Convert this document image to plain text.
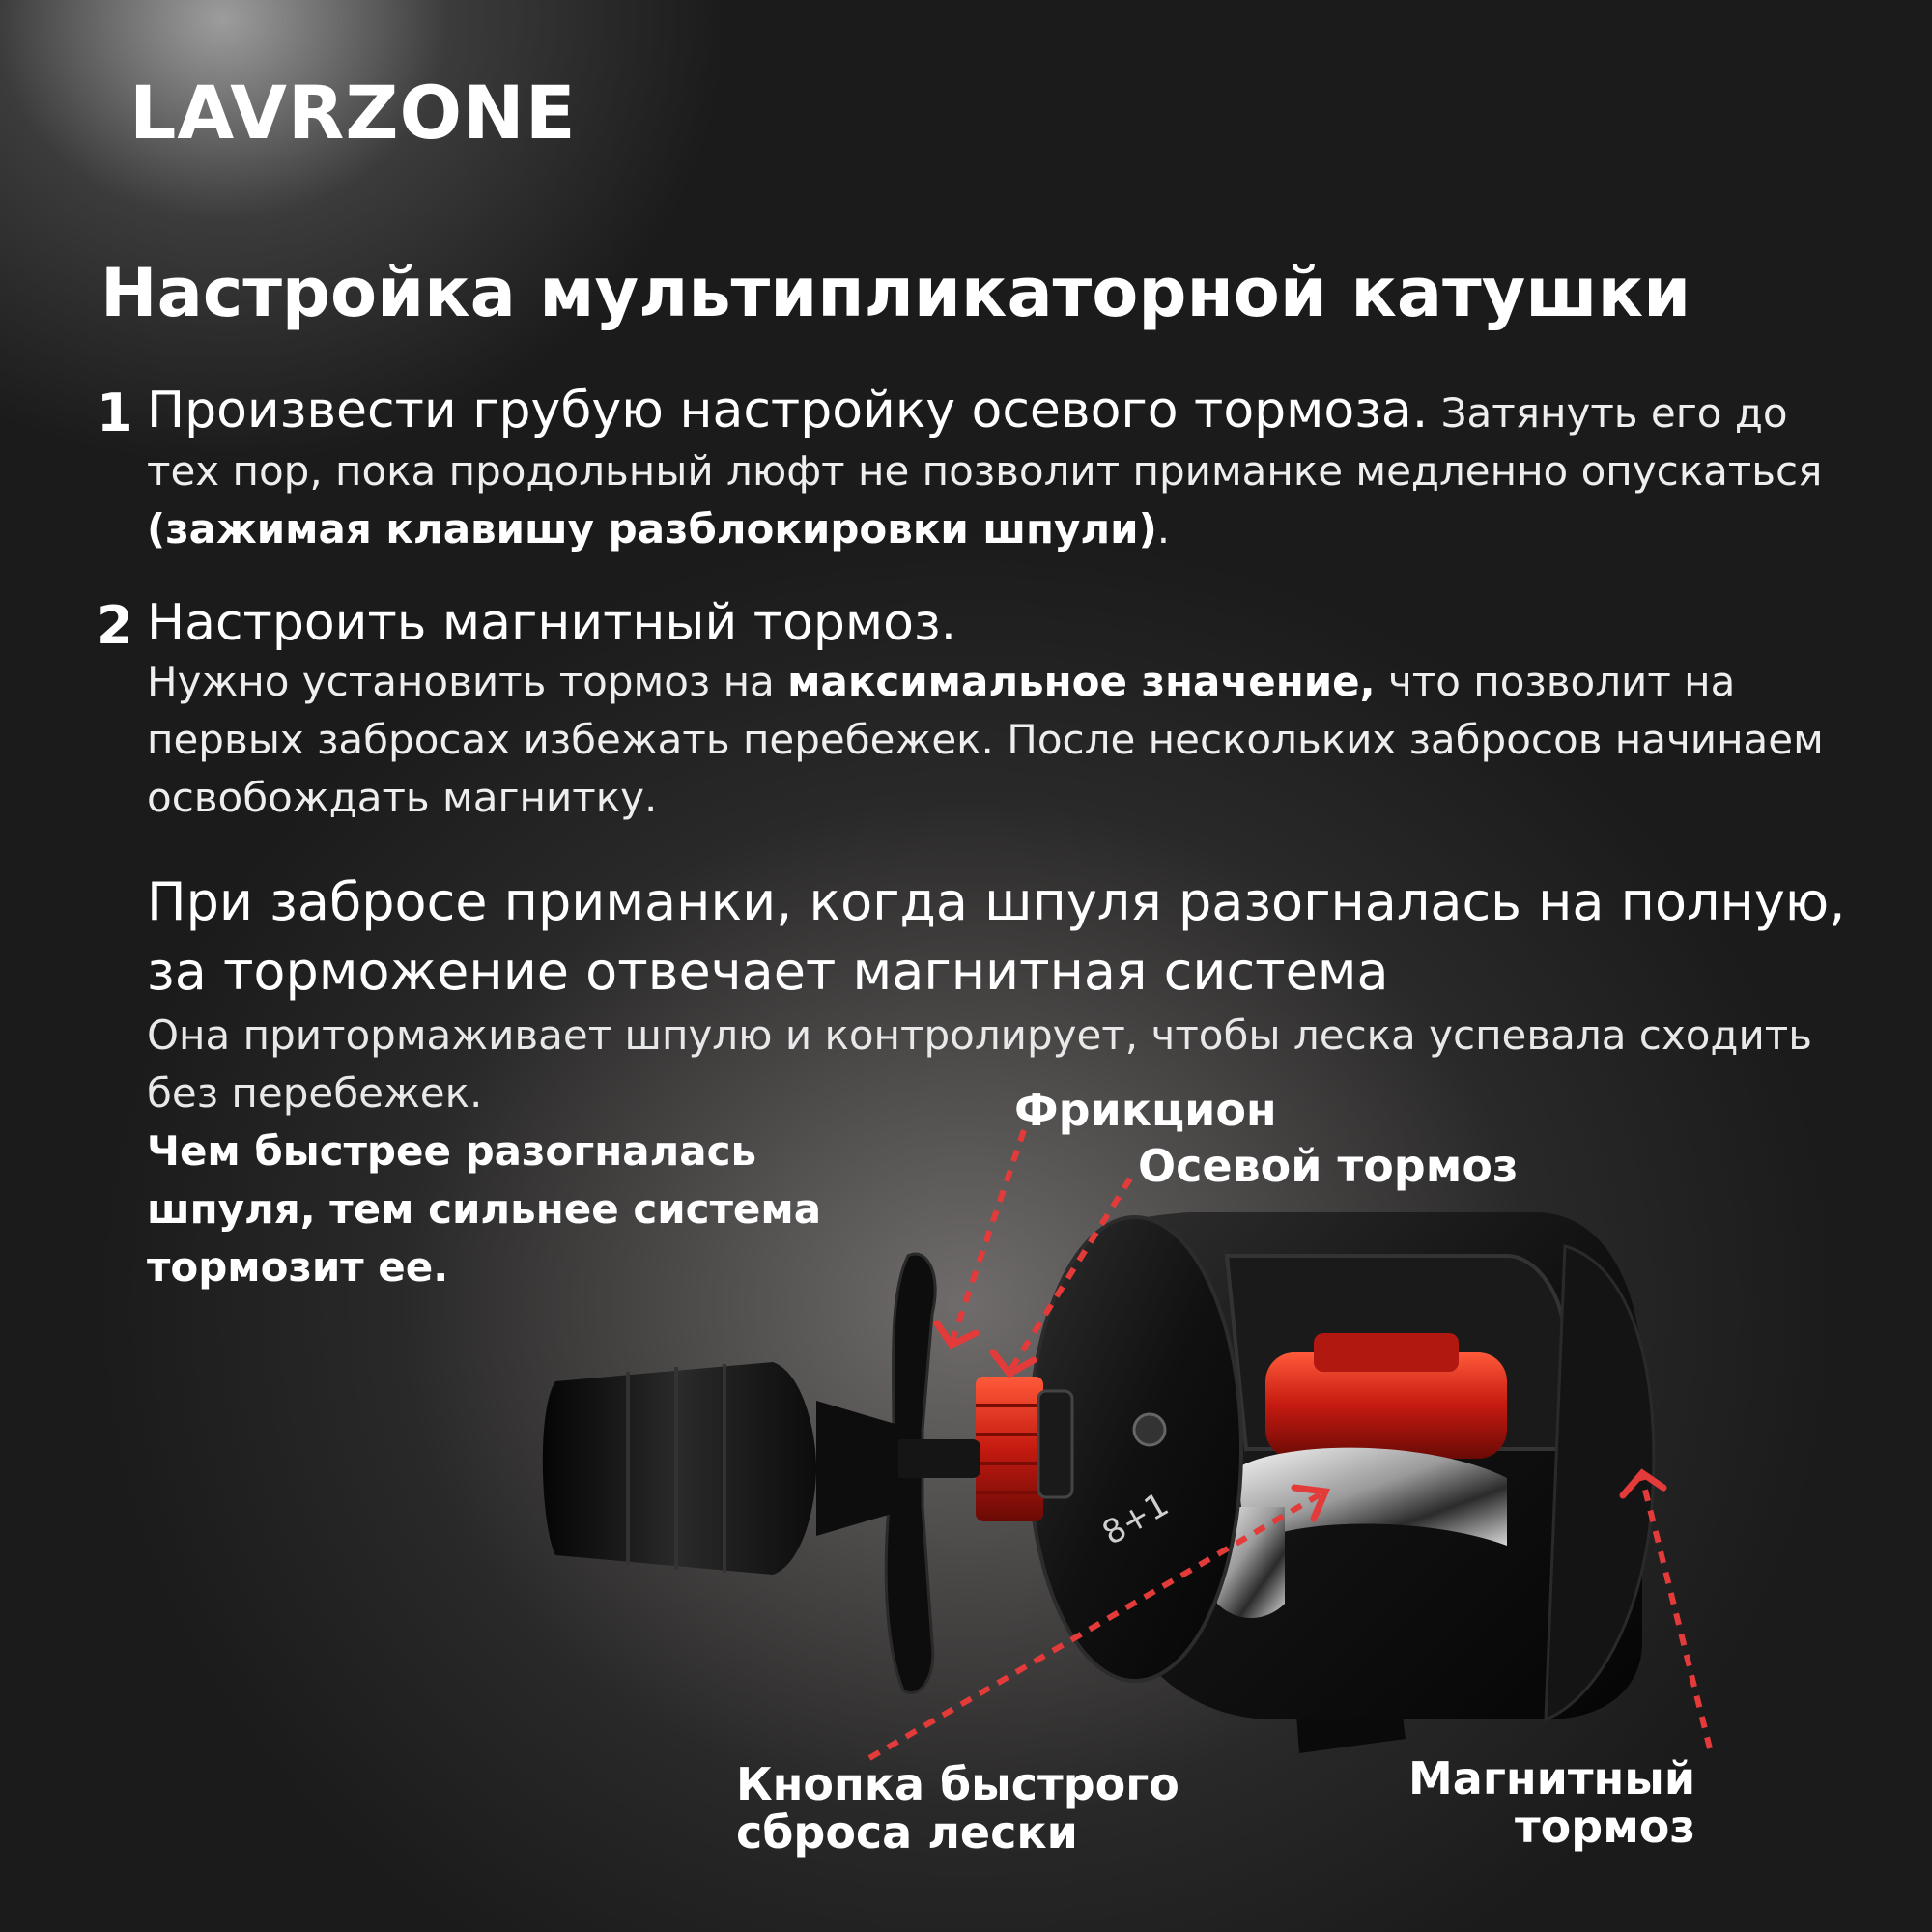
LAVRZONE
Настройка мультипликаторной катушки
1 Произвести грубую настройку осевого тормоза. Затянуть его до тех пор, пока продольный люфт не позволит приманке медленно опускаться (зажимая клавишу разблокировки шпули).
2 Настроить магнитный тормоз.
Нужно установить тормоз на максимальное значение, что позволит на первых забросах избежать перебежек. После нескольких забросов начинаем освобождать магнитку.
При забросе приманки, когда шпуля разогналась на полную, за торможение отвечает магнитная система
Она притормаживает шпулю и контролирует, чтобы леска успевала сходить без перебежек.
Чем быстрее разогналась
шпуля, тем сильнее система
тормозит ее.
8+1
Фрикцион
Осевой тормоз
Кнопка быстрого
сброса лески
Магнитный
тормоз
